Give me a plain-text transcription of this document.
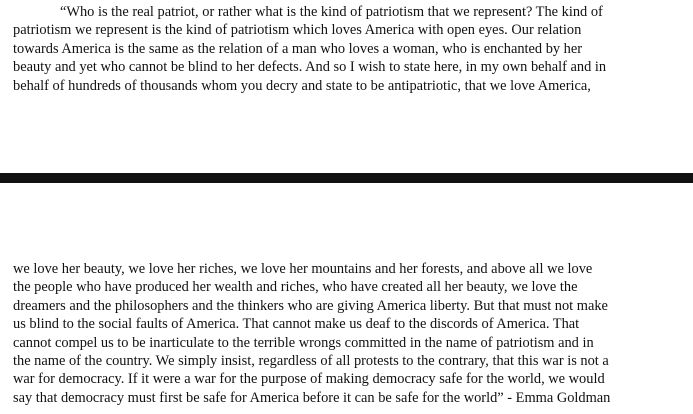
“Who is the real patriot, or rather what is the kind of patriotism that we represent? The kind of
patriotism we represent is the kind of patriotism which loves America with open eyes. Our relation
towards America is the same as the relation of a man who loves a woman, who is enchanted by her
beauty and yet who cannot be blind to her defects. And so I wish to state here, in my own behalf and in
behalf of hundreds of thousands whom you decry and state to be antipatriotic, that we love America,

we love her beauty, we love her riches, we love her mountains and her forests, and above all we love
the people who have produced her wealth and riches, who have created all her beauty, we love the
dreamers and the philosophers and the thinkers who are giving America liberty. But that must not make
us blind to the social faults of America. That cannot make us deaf to the discords of America. That
cannot compel us to be inarticulate to the terrible wrongs committed in the name of patriotism and in
the name of the country. We simply insist, regardless of all protests to the contrary, that this war is not a
war for democracy. If it were a war for the purpose of making democracy safe for the world, we would
say that democracy must first be safe for America before it can be safe for the world” - Emma Goldman
